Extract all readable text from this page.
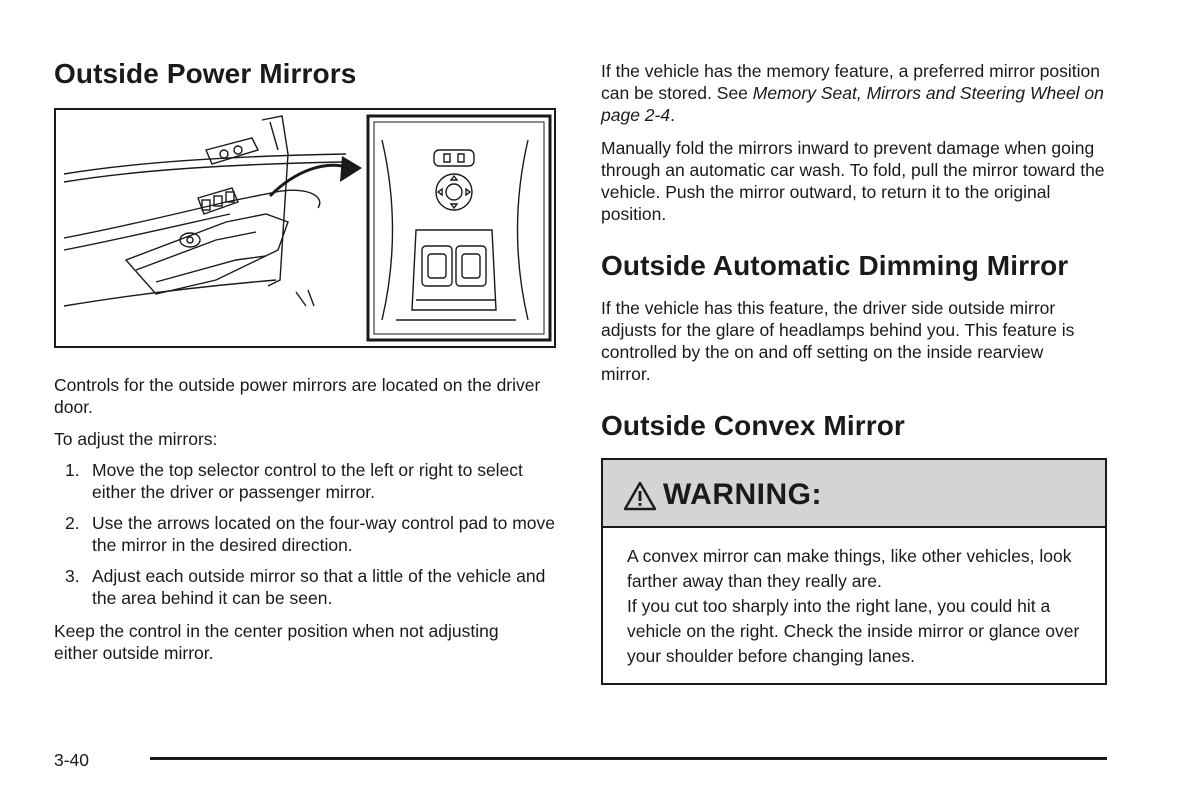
Outside Power Mirrors

Controls for the outside power mirrors are located on the driver door.

To adjust the mirrors:

1. Move the top selector control to the left or right to select either the driver or passenger mirror.
2. Use the arrows located on the four-way control pad to move the mirror in the desired direction.
3. Adjust each outside mirror so that a little of the vehicle and the area behind it can be seen.

Keep the control in the center position when not adjusting either outside mirror.

If the vehicle has the memory feature, a preferred mirror position can be stored. See Memory Seat, Mirrors and Steering Wheel on page 2-4.

Manually fold the mirrors inward to prevent damage when going through an automatic car wash. To fold, pull the mirror toward the vehicle. Push the mirror outward, to return it to the original position.

Outside Automatic Dimming Mirror

If the vehicle has this feature, the driver side outside mirror adjusts for the glare of headlamps behind you. This feature is controlled by the on and off setting on the inside rearview mirror.

Outside Convex Mirror
WARNING:
A convex mirror can make things, like other vehicles, look farther away than they really are.
If you cut too sharply into the right lane, you could hit a vehicle on the right. Check the inside mirror or glance over your shoulder before changing lanes.
3-40
